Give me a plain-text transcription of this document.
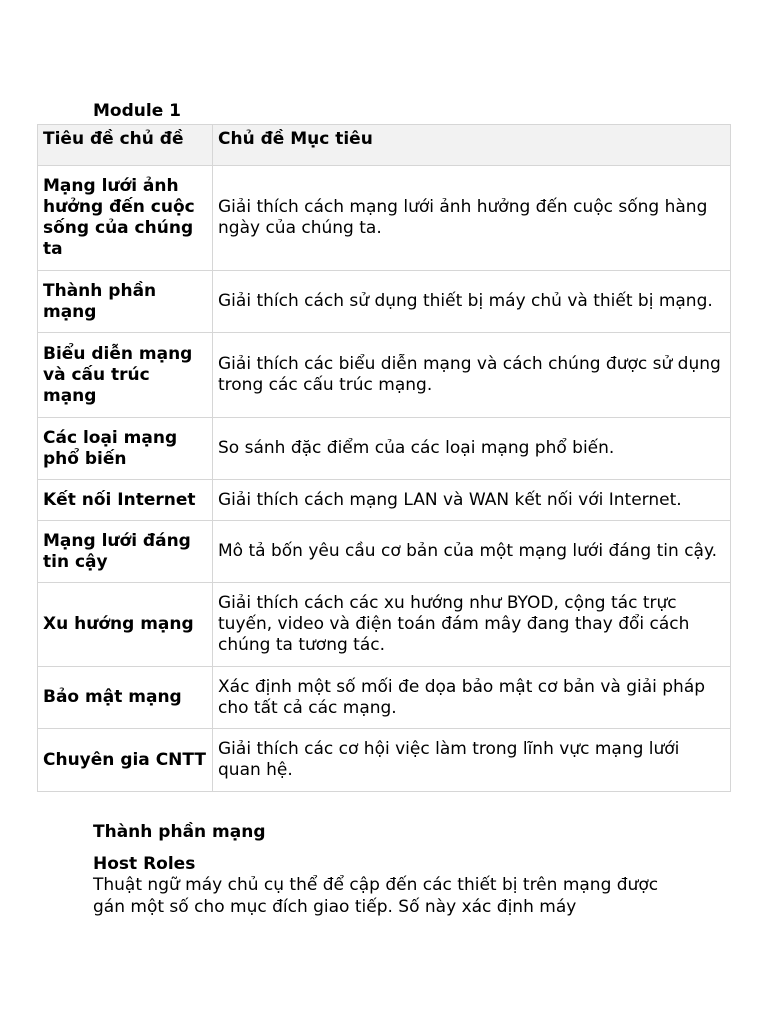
Module 1
Tiêu đề chủ đề	Chủ đề Mục tiêu
Mạng lưới ảnh hưởng đến cuộc sống của chúng ta	Giải thích cách mạng lưới ảnh hưởng đến cuộc sống hàng ngày của chúng ta.
Thành phần mạng	Giải thích cách sử dụng thiết bị máy chủ và thiết bị mạng.
Biểu diễn mạng và cấu trúc mạng	Giải thích các biểu diễn mạng và cách chúng được sử dụng trong các cấu trúc mạng.
Các loại mạng phổ biến	So sánh đặc điểm của các loại mạng phổ biến.
Kết nối Internet	Giải thích cách mạng LAN và WAN kết nối với Internet.
Mạng lưới đáng tin cậy	Mô tả bốn yêu cầu cơ bản của một mạng lưới đáng tin cậy.
Xu hướng mạng	Giải thích cách các xu hướng như BYOD, cộng tác trực tuyến, video và điện toán đám mây đang thay đổi cách chúng ta tương tác.
Bảo mật mạng	Xác định một số mối đe dọa bảo mật cơ bản và giải pháp cho tất cả các mạng.
Chuyên gia CNTT	Giải thích các cơ hội việc làm trong lĩnh vực mạng lưới quan hệ.
Thành phần mạng
Host Roles
Thuật ngữ máy chủ cụ thể để cập đến các thiết bị trên mạng được gán một số cho mục đích giao tiếp. Số này xác định máy
